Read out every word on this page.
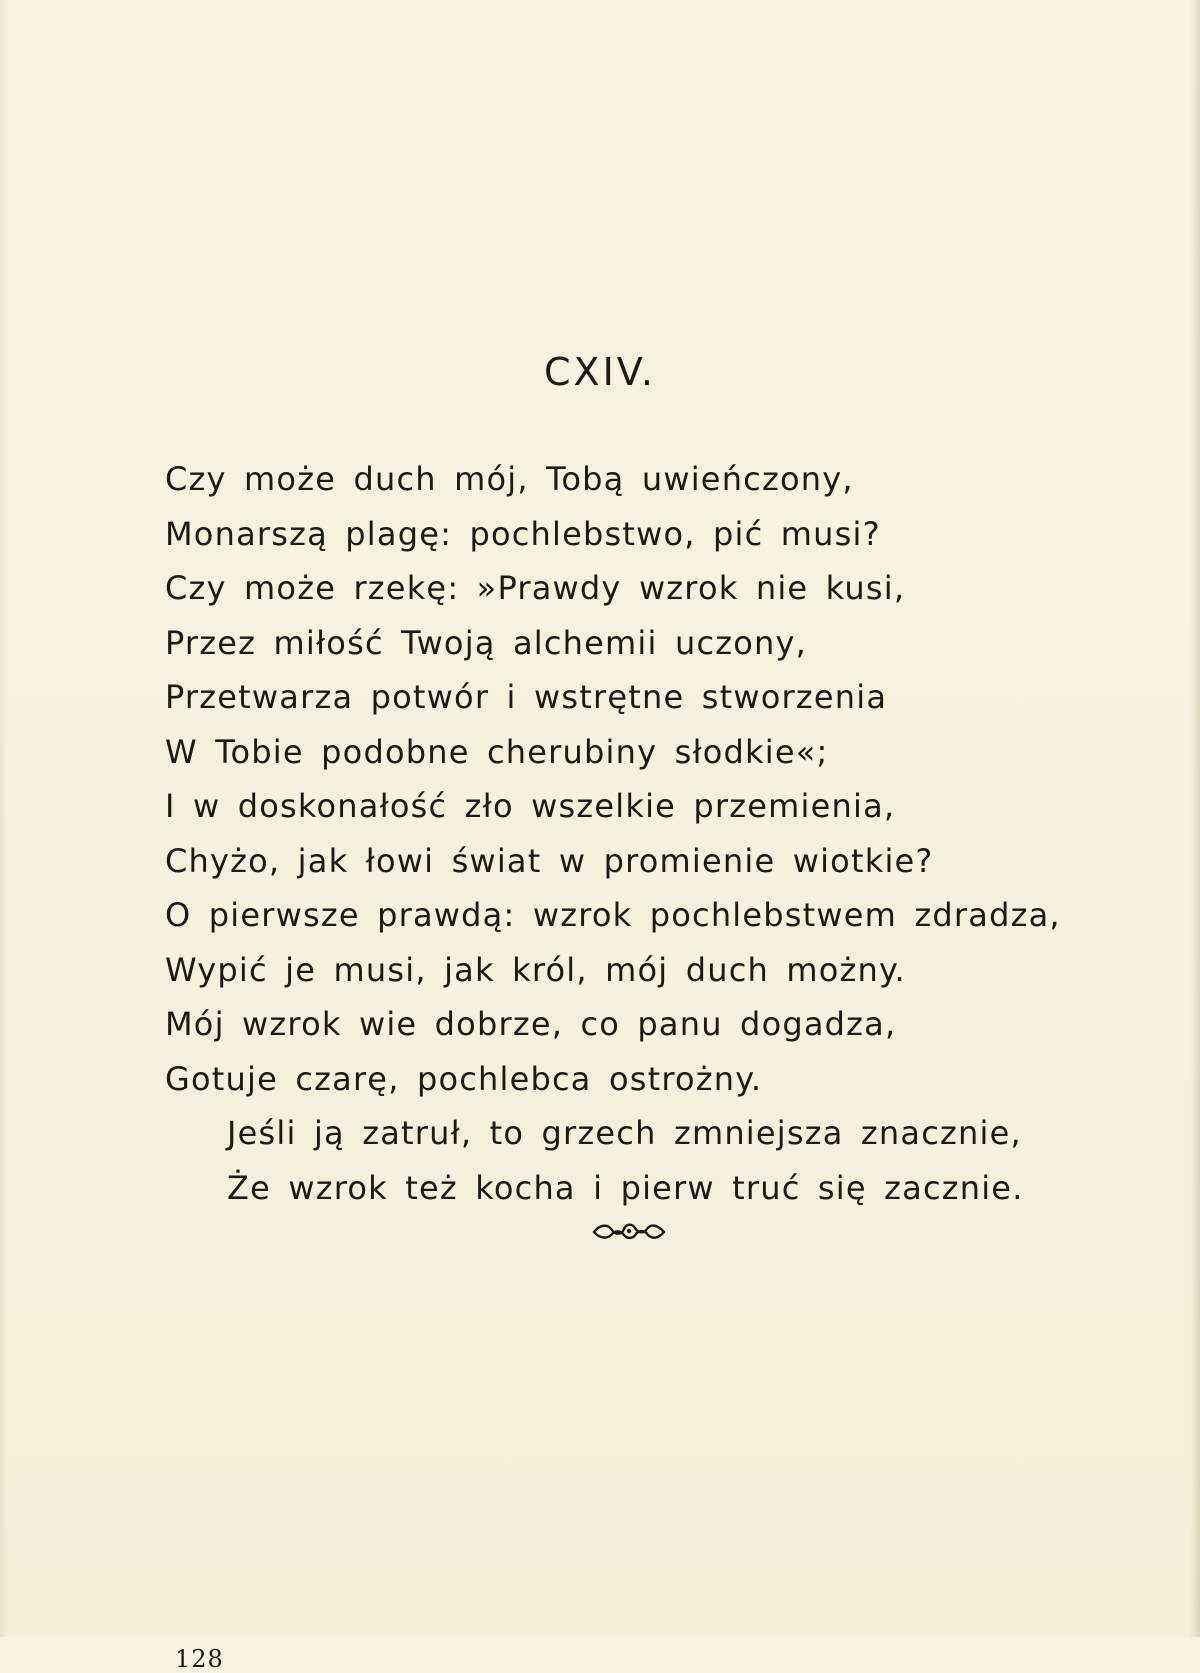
CXIV.
Czy może duch mój, Tobą uwieńczony,
Monarszą plagę: pochlebstwo, pić musi?
Czy może rzekę: »Prawdy wzrok nie kusi,
Przez miłość Twoją alchemii uczony,
Przetwarza potwór i wstrętne stworzenia
W Tobie podobne cherubiny słodkie«;
I w doskonałość zło wszelkie przemienia,
Chyżo, jak łowi świat w promienie wiotkie?
O pierwsze prawdą: wzrok pochlebstwem zdradza,
Wypić je musi, jak król, mój duch możny.
Mój wzrok wie dobrze, co panu dogadza,
Gotuje czarę, pochlebca ostrożny.
Jeśli ją zatruł, to grzech zmniejsza znacznie,
Że wzrok też kocha i pierw truć się zacznie.
128
